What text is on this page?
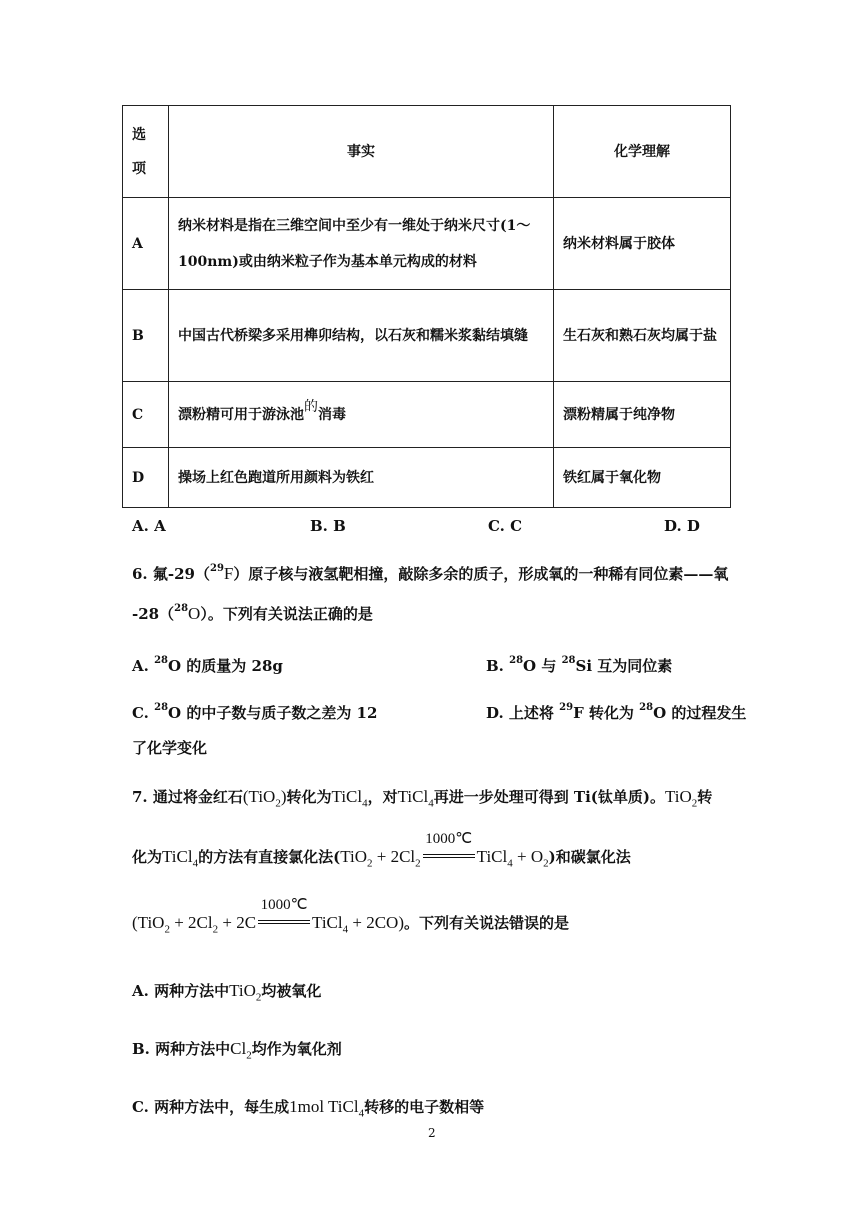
选
项	事实	化学理解
A	纳米材料是指在三维空间中至少有一维处于纳米尺寸(1～100nm)或由纳米粒子作为基本单元构成的材料	纳米材料属于胶体
B	中国古代桥梁多采用榫卯结构，以石灰和糯米浆黏结填缝	生石灰和熟石灰均属于盐
C	漂粉精可用于游泳池的消毒	漂粉精属于纯净物
D	操场上红色跑道所用颜料为铁红	铁红属于氧化物
A. A	B. B	C. C	D. D
6. 氟-29（$^{29}$F）原子核与液氢靶相撞，敲除多余的质子，形成氧的一种稀有同位素——氧
-28（$^{28}$O）。下列有关说法正确的是
A. $^{28}$O 的质量为 28g	B. $^{28}$O 与 $^{28}$Si 互为同位素
C. $^{28}$O 的中子数与质子数之差为 12	D. 上述将 $^{29}$F 转化为 $^{28}$O 的过程发生
了化学变化
7. 通过将金红石(TiO$_2$)转化为TiCl$_4$，对TiCl$_4$再进一步处理可得到 Ti(钛单质)。TiO$_2$转
化为TiCl$_4$的方法有直接氯化法($TiO_2 + 2Cl_2$
1000℃
TiCl$_4$ + $O_2$)和碳氯化法
($TiO_2 + 2Cl_2 + 2C$
1000℃
TiCl$_4$ + 2CO)。下列有关说法错误的是
A. 两种方法中TiO$_2$均被氧化
B. 两种方法中$Cl_2$均作为氧化剂
C. 两种方法中，每生成1mol TiCl$_4$转移的电子数相等
2
